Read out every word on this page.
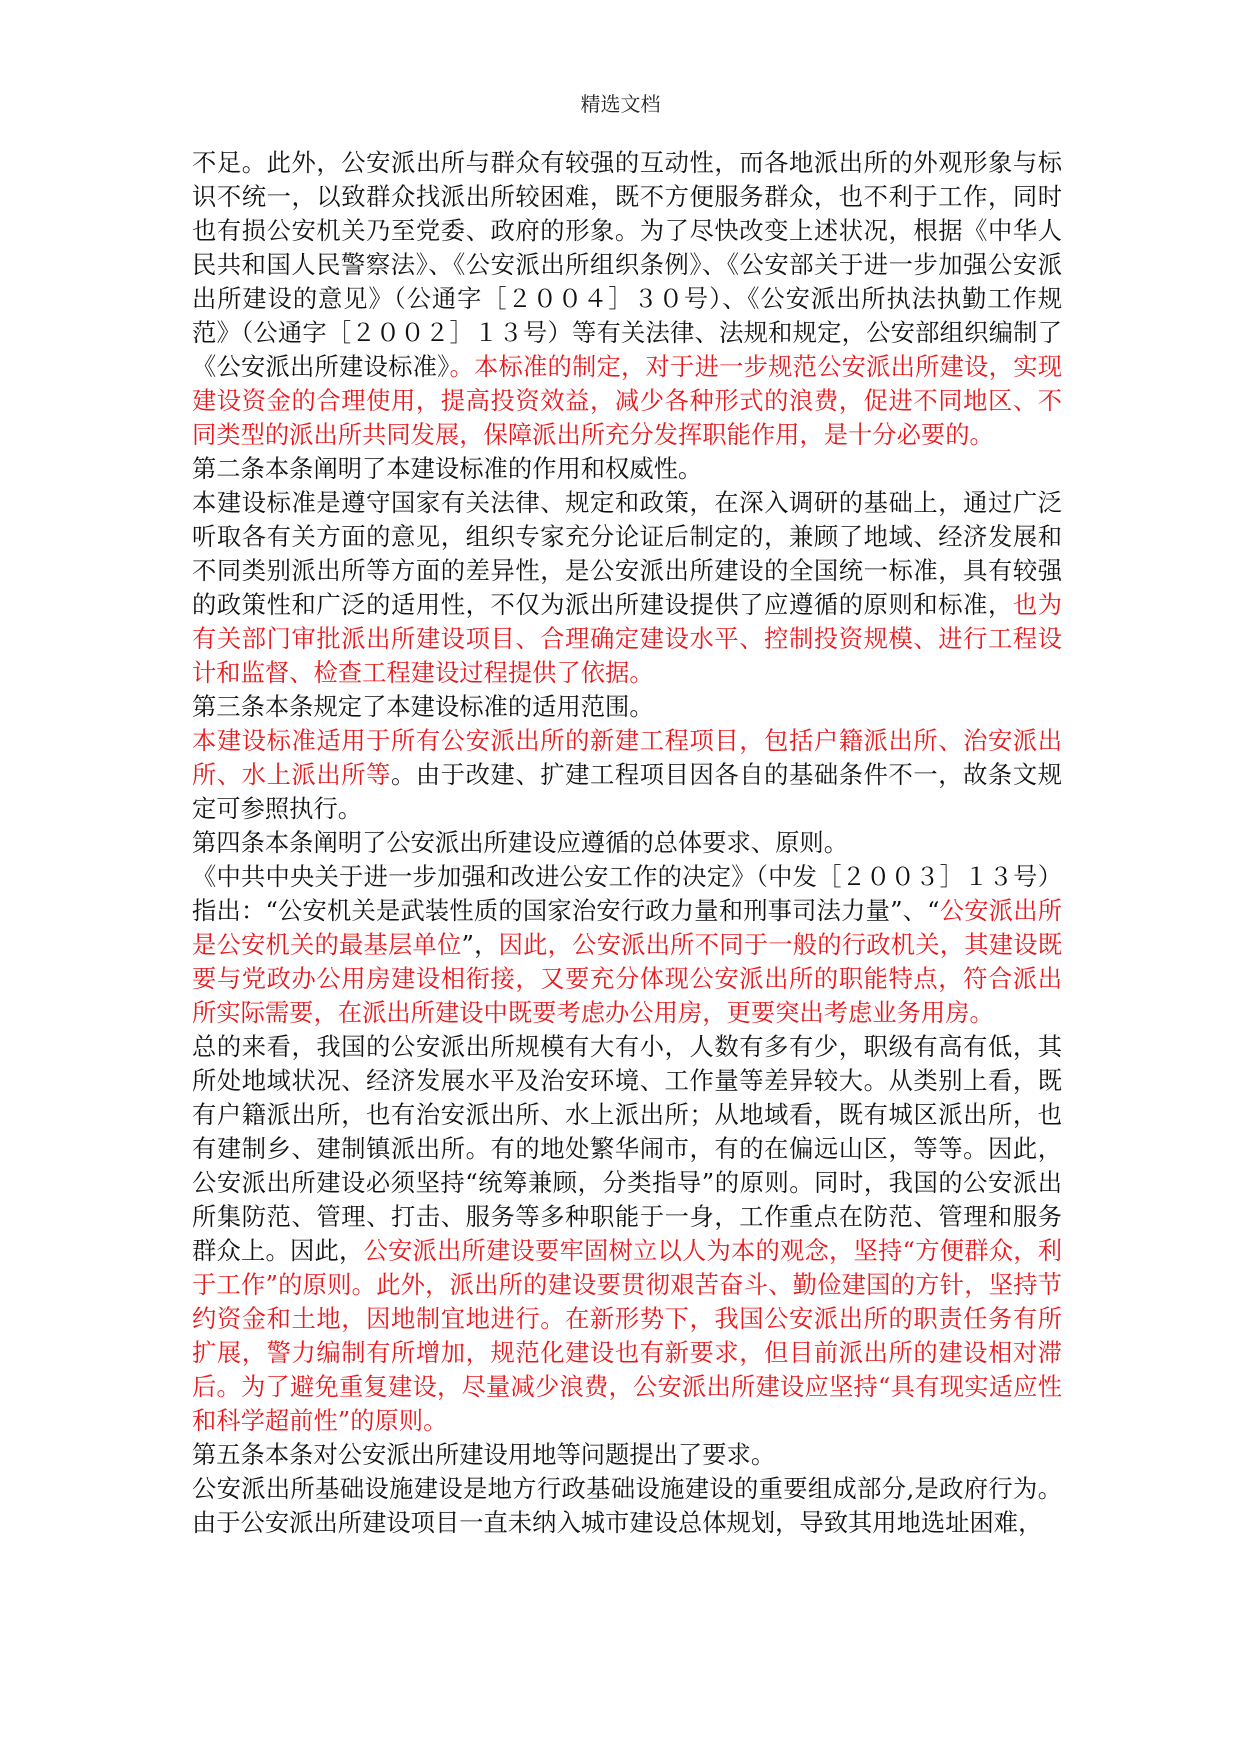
精选文档

不足。此外，公安派出所与群众有较强的互动性，而各地派出所的外观形象与标识不统一，以致群众找派出所较困难，既不方便服务群众，也不利于工作，同时也有损公安机关乃至党委、政府的形象。为了尽快改变上述状况，根据《中华人民共和国人民警察法》、《公安派出所组织条例》、《公安部关于进一步加强公安派出所建设的意见》（公通字［２００４］３０号）、《公安派出所执法执勤工作规范》（公通字［２００２］１３号）等有关法律、法规和规定，公安部组织编制了《公安派出所建设标准》。本标准的制定，对于进一步规范公安派出所建设，实现建设资金的合理使用，提高投资效益，减少各种形式的浪费，促进不同地区、不同类型的派出所共同发展，保障派出所充分发挥职能作用，是十分必要的。

第二条本条阐明了本建设标准的作用和权威性。

本建设标准是遵守国家有关法律、规定和政策，在深入调研的基础上，通过广泛听取各有关方面的意见，组织专家充分论证后制定的，兼顾了地域、经济发展和不同类别派出所等方面的差异性，是公安派出所建设的全国统一标准，具有较强的政策性和广泛的适用性，不仅为派出所建设提供了应遵循的原则和标准，也为有关部门审批派出所建设项目、合理确定建设水平、控制投资规模、进行工程设计和监督、检查工程建设过程提供了依据。

第三条本条规定了本建设标准的适用范围。

本建设标准适用于所有公安派出所的新建工程项目，包括户籍派出所、治安派出所、水上派出所等。由于改建、扩建工程项目因各自的基础条件不一，故条文规定可参照执行。

第四条本条阐明了公安派出所建设应遵循的总体要求、原则。

《中共中央关于进一步加强和改进公安工作的决定》（中发［２００３］１３号）指出：“公安机关是武装性质的国家治安行政力量和刑事司法力量”、“公安派出所是公安机关的最基层单位”，因此，公安派出所不同于一般的行政机关，其建设既要与党政办公用房建设相衔接，又要充分体现公安派出所的职能特点，符合派出所实际需要，在派出所建设中既要考虑办公用房，更要突出考虑业务用房。

总的来看，我国的公安派出所规模有大有小，人数有多有少，职级有高有低，其所处地域状况、经济发展水平及治安环境、工作量等差异较大。从类别上看，既有户籍派出所，也有治安派出所、水上派出所；从地域看，既有城区派出所，也有建制乡、建制镇派出所。有的地处繁华闹市，有的在偏远山区，等等。因此，公安派出所建设必须坚持“统筹兼顾，分类指导”的原则。同时，我国的公安派出所集防范、管理、打击、服务等多种职能于一身，工作重点在防范、管理和服务群众上。因此，公安派出所建设要牢固树立以人为本的观念，坚持“方便群众，利于工作”的原则。此外，派出所的建设要贯彻艰苦奋斗、勤俭建国的方针，坚持节约资金和土地，因地制宜地进行。在新形势下，我国公安派出所的职责任务有所扩展，警力编制有所增加，规范化建设也有新要求，但目前派出所的建设相对滞后。为了避免重复建设，尽量减少浪费，公安派出所建设应坚持“具有现实适应性和科学超前性”的原则。

第五条本条对公安派出所建设用地等问题提出了要求。

公安派出所基础设施建设是地方行政基础设施建设的重要组成部分,是政府行为。由于公安派出所建设项目一直未纳入城市建设总体规划，导致其用地选址困难，
